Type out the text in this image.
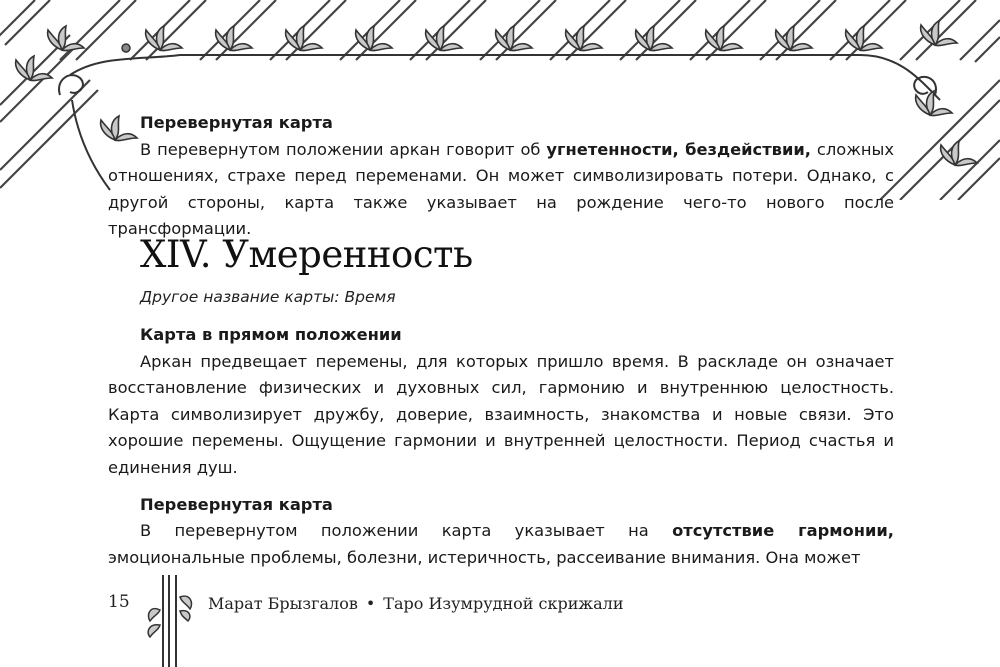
Перевернутая карта

В перевернутом положении аркан говорит об угнетенности, бездействии, сложных отношениях, страхе перед переменами. Он может символизировать потери. Однако, с другой стороны, карта также указывает на рождение чего-то нового после трансформации.

XIV. Умеренность

Другое название карты: Время

Карта в прямом положении

Аркан предвещает перемены, для которых пришло время. В раскладе он означает восстановление физических и духовных сил, гармонию и внутреннюю целостность. Карта символизирует дружбу, доверие, взаимность, знакомства и новые связи. Это хорошие перемены. Ощущение гармонии и внутренней целостности. Период счастья и единения душ.

Перевернутая карта

В перевернутом положении карта указывает на отсутствие гармонии, эмоциональные проблемы, болезни, истеричность, рассеивание внимания. Она может

15	Марат Брызгалов • Таро Изумрудной скрижали
